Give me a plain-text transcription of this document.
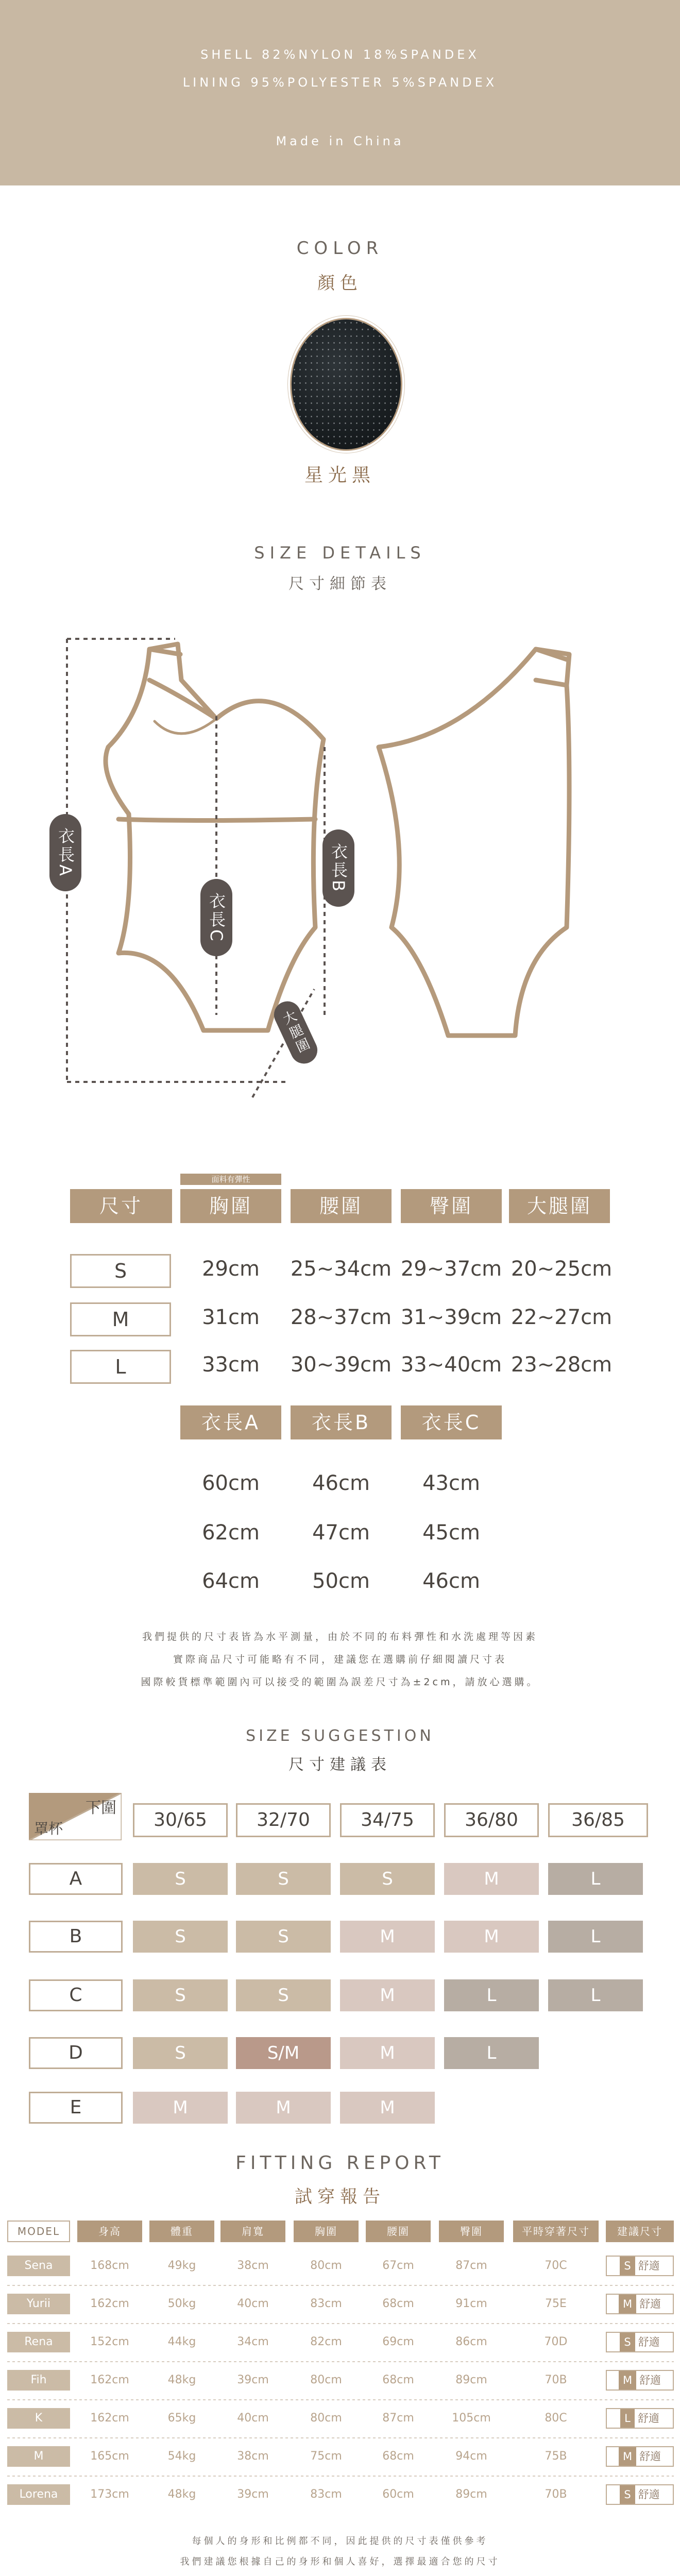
SHELL 82%NYLON 18%SPANDEX
LINING 95%POLYESTER 5%SPANDEX
Made in China
COLOR
顏色
星光黑
SIZE DETAILS
尺寸細節表
衣長A
衣長C
衣長B
大腿圍
面料有彈性
尺寸	胸圍	腰圍	臀圍	大腿圍
S	29cm	25~34cm 29~37cm 20~25cm
M	31cm	28~37cm 31~39cm 22~27cm
L	33cm	30~39cm 33~40cm 23~28cm
衣長A	衣長B	衣長C
60cm	46cm	43cm
62cm	47cm	45cm
64cm	50cm	46cm
我們提供的尺寸表皆為水平測量，由於不同的布料彈性和水洗處理等因素
實際商品尺寸可能略有不同，建議您在選購前仔細閱讀尺寸表
國際較貨標準範圍內可以接受的範圍為誤差尺寸為±2cm，請放心選購。
SIZE SUGGESTION
尺寸建議表
下圍
罩杯	30/65	32/70	34/75	36/80	36/85
A	S	S	S	M	L
B	S	S	M	M	L
C	S	S	M	L	L
D	S	S/M	M	L
E	M	M	M
FITTING REPORT
試穿報告
MODEL	身高	體重	肩寬	胸圍	腰圍	臀圍	平時穿著尺寸	建議尺寸
Sena	168cm	49kg	38cm	80cm	67cm	87cm	70C	S 舒適
Yurii	162cm	50kg	40cm	83cm	68cm	91cm	75E	M 舒適
Rena	152cm	44kg	34cm	82cm	69cm	86cm	70D	S 舒適
Fih	162cm	48kg	39cm	80cm	68cm	89cm	70B	M 舒適
K	162cm	65kg	40cm	80cm	87cm	105cm	80C	L 舒適
M	165cm	54kg	38cm	75cm	68cm	94cm	75B	M 舒適
Lorena	173cm	48kg	39cm	83cm	60cm	89cm	70B	S 舒適
每個人的身形和比例都不同，因此提供的尺寸表僅供參考
我們建議您根據自己的身形和個人喜好，選擇最適合您的尺寸
